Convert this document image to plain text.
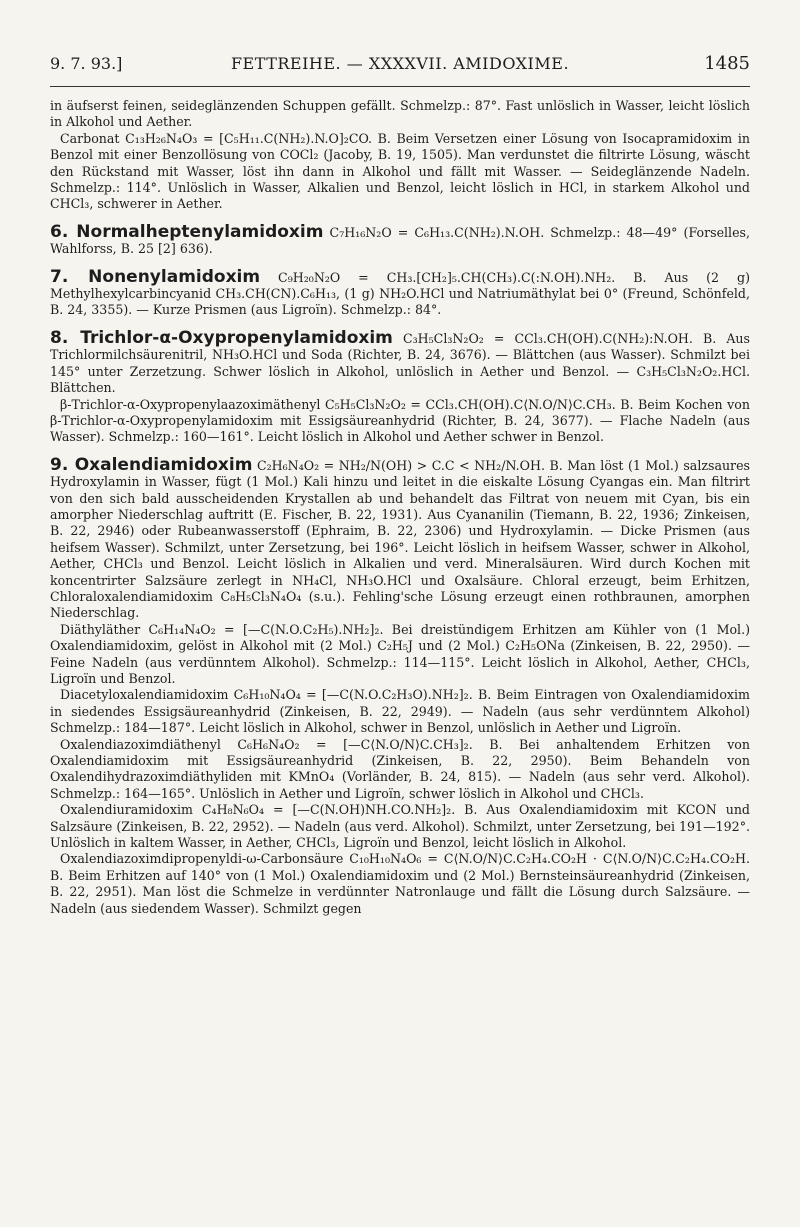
9. 7. 93.]	FETTREIHE. — XXXXVII. AMIDOXIME.	1485

in äufserst feinen, seideglänzenden Schuppen gefällt. Schmelzp.: 87°. Fast unlöslich in Wasser, leicht löslich in Alkohol und Aether.

Carbonat C₁₃H₂₆N₄O₃ = [C₅H₁₁.C(NH₂).N.O]₂CO. B. Beim Versetzen einer Lösung von Isocapramidoxim in Benzol mit einer Benzollösung von COCl₂ (Jacoby, B. 19, 1505). Man verdunstet die filtrirte Lösung, wäscht den Rückstand mit Wasser, löst ihn dann in Alkohol und fällt mit Wasser. — Seideglänzende Nadeln. Schmelzp.: 114°. Unlöslich in Wasser, Alkalien und Benzol, leicht löslich in HCl, in starkem Alkohol und CHCl₃, schwerer in Aether.

6. Normalheptenylamidoxim C₇H₁₆N₂O = C₆H₁₃.C(NH₂).N.OH. Schmelzp.: 48—49° (Forselles, Wahlforss, B. 25 [2] 636).

7. Nonenylamidoxim C₉H₂₀N₂O = CH₃.[CH₂]₅.CH(CH₃).C(:N.OH).NH₂. B. Aus (2 g) Methylhexylcarbincyanid CH₃.CH(CN).C₆H₁₃, (1 g) NH₂O.HCl und Natriumäthylat bei 0° (Freund, Schönfeld, B. 24, 3355). — Kurze Prismen (aus Ligroïn). Schmelzp.: 84°.

8. Trichlor-α-Oxypropenylamidoxim C₃H₅Cl₃N₂O₂ = CCl₃.CH(OH).C(NH₂):N.OH. B. Aus Trichlormilchsäurenitril, NH₃O.HCl und Soda (Richter, B. 24, 3676). — Blättchen (aus Wasser). Schmilzt bei 145° unter Zerzetzung. Schwer löslich in Alkohol, unlöslich in Aether und Benzol. — C₃H₅Cl₃N₂O₂.HCl. Blättchen.

β-Trichlor-α-Oxypropenylaazoximäthenyl C₅H₅Cl₃N₂O₂ = CCl₃.CH(OH).C⟨N.O/N⟩C.CH₃. B. Beim Kochen von β-Trichlor-α-Oxypropenylamidoxim mit Essigsäureanhydrid (Richter, B. 24, 3677). — Flache Nadeln (aus Wasser). Schmelzp.: 160—161°. Leicht löslich in Alkohol und Aether schwer in Benzol.

9. Oxalendiamidoxim C₂H₆N₄O₂ = NH₂/N(OH) > C.C < NH₂/N.OH. B. Man löst (1 Mol.) salzsaures Hydroxylamin in Wasser, fügt (1 Mol.) Kali hinzu und leitet in die eiskalte Lösung Cyangas ein. Man filtrirt von den sich bald ausscheidenden Krystallen ab und behandelt das Filtrat von neuem mit Cyan, bis ein amorpher Niederschlag auftritt (E. Fischer, B. 22, 1931). Aus Cyananilin (Tiemann, B. 22, 1936; Zinkeisen, B. 22, 2946) oder Rubeanwasserstoff (Ephraim, B. 22, 2306) und Hydroxylamin. — Dicke Prismen (aus heifsem Wasser). Schmilzt, unter Zersetzung, bei 196°. Leicht löslich in heifsem Wasser, schwer in Alkohol, Aether, CHCl₃ und Benzol. Leicht löslich in Alkalien und verd. Mineralsäuren. Wird durch Kochen mit koncentrirter Salzsäure zerlegt in NH₄Cl, NH₃O.HCl und Oxalsäure. Chloral erzeugt, beim Erhitzen, Chloraloxalendiamidoxim C₈H₅Cl₃N₄O₄ (s.u.). Fehling'sche Lösung erzeugt einen rothbraunen, amorphen Niederschlag.

Diäthyläther C₆H₁₄N₄O₂ = [—C(N.O.C₂H₅).NH₂]₂. Bei dreistündigem Erhitzen am Kühler von (1 Mol.) Oxalendiamidoxim, gelöst in Alkohol mit (2 Mol.) C₂H₅J und (2 Mol.) C₂H₅ONa (Zinkeisen, B. 22, 2950). — Feine Nadeln (aus verdünntem Alkohol). Schmelzp.: 114—115°. Leicht löslich in Alkohol, Aether, CHCl₃, Ligroïn und Benzol.

Diacetyloxalendiamidoxim C₆H₁₀N₄O₄ = [—C(N.O.C₂H₃O).NH₂]₂. B. Beim Eintragen von Oxalendiamidoxim in siedendes Essigsäureanhydrid (Zinkeisen, B. 22, 2949). — Nadeln (aus sehr verdünntem Alkohol) Schmelzp.: 184—187°. Leicht löslich in Alkohol, schwer in Benzol, unlöslich in Aether und Ligroïn.

Oxalendiazoximdiäthenyl C₆H₆N₄O₂ = [—C⟨N.O/N⟩C.CH₃]₂. B. Bei anhaltendem Erhitzen von Oxalendiamidoxim mit Essigsäureanhydrid (Zinkeisen, B. 22, 2950). Beim Behandeln von Oxalendihydrazoximdiäthyliden mit KMnO₄ (Vorländer, B. 24, 815). — Nadeln (aus sehr verd. Alkohol). Schmelzp.: 164—165°. Unlöslich in Aether und Ligroïn, schwer löslich in Alkohol und CHCl₃.

Oxalendiuramidoxim C₄H₈N₆O₄ = [—C(N.OH)NH.CO.NH₂]₂. B. Aus Oxalendiamidoxim mit KCON und Salzsäure (Zinkeisen, B. 22, 2952). — Nadeln (aus verd. Alkohol). Schmilzt, unter Zersetzung, bei 191—192°. Unlöslich in kaltem Wasser, in Aether, CHCl₃, Ligroïn und Benzol, leicht löslich in Alkohol.

Oxalendiazoximdipropenyldi-ω-Carbonsäure C₁₀H₁₀N₄O₆ = C⟨N.O/N⟩C.C₂H₄.CO₂H · C⟨N.O/N⟩C.C₂H₄.CO₂H. B. Beim Erhitzen auf 140° von (1 Mol.) Oxalendiamidoxim und (2 Mol.) Bernsteinsäureanhydrid (Zinkeisen, B. 22, 2951). Man löst die Schmelze in verdünnter Natronlauge und fällt die Lösung durch Salzsäure. — Nadeln (aus siedendem Wasser). Schmilzt gegen
